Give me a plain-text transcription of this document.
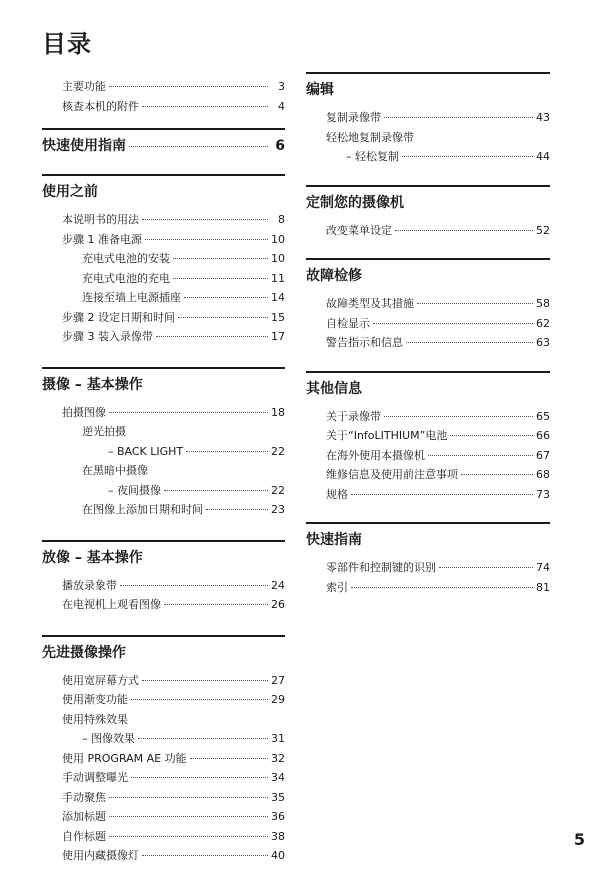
目录
主要功能	3
核查本机的附件	4
快速使用指南	6
使用之前
本说明书的用法	8
步骤 1 准备电源	10
充电式电池的安装	10
充电式电池的充电	11
连接至墙上电源插座	14
步骤 2 设定日期和时间	15
步骤 3 装入录像带	17
摄像 – 基本操作
拍摄图像	18
逆光拍摄
– BACK LIGHT	22
在黑暗中摄像
– 夜间摄像	22
在图像上添加日期和时间	23
放像 – 基本操作
播放录象带	24
在电视机上观看图像	26
先进摄像操作
使用宽屏幕方式	27
使用渐变功能	29
使用特殊效果
– 图像效果	31
使用 PROGRAM AE 功能	32
手动调整曝光	34
手动聚焦	35
添加标题	36
自作标题	38
使用内藏摄像灯	40
编辑
复制录像带	43
轻松地复制录像带
– 轻松复制	44
定制您的摄像机
改变菜单设定	52
故障检修
故障类型及其措施	58
自检显示	62
警告指示和信息	63
其他信息
关于录像带	65
关于“InfoLITHIUM”电池	66
在海外使用本摄像机	67
维修信息及使用前注意事项	68
规格	73
快速指南
零部件和控制键的识别	74
索引	81
5
